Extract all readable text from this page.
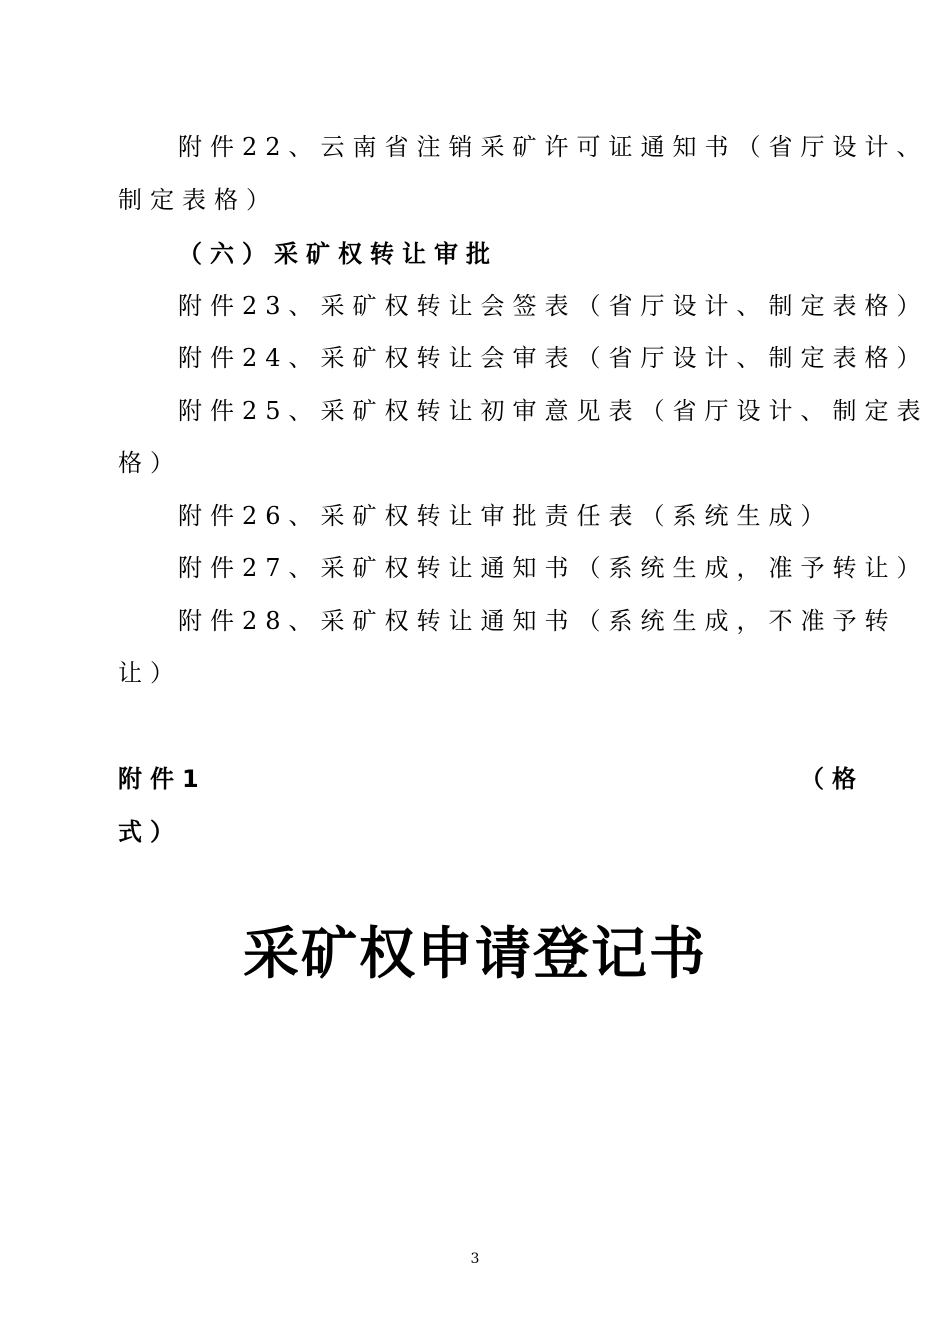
附件22、云南省注销采矿许可证通知书（省厅设计、
制定表格）
（六）采矿权转让审批
附件23、采矿权转让会签表（省厅设计、制定表格）
附件24、采矿权转让会审表（省厅设计、制定表格）
附件25、采矿权转让初审意见表（省厅设计、制定表
格）
附件26、采矿权转让审批责任表（系统生成）
附件27、采矿权转让通知书（系统生成，准予转让）
附件28、采矿权转让通知书（系统生成，不准予转
让）
附件1	（格
式）
采矿权申请登记书
3
